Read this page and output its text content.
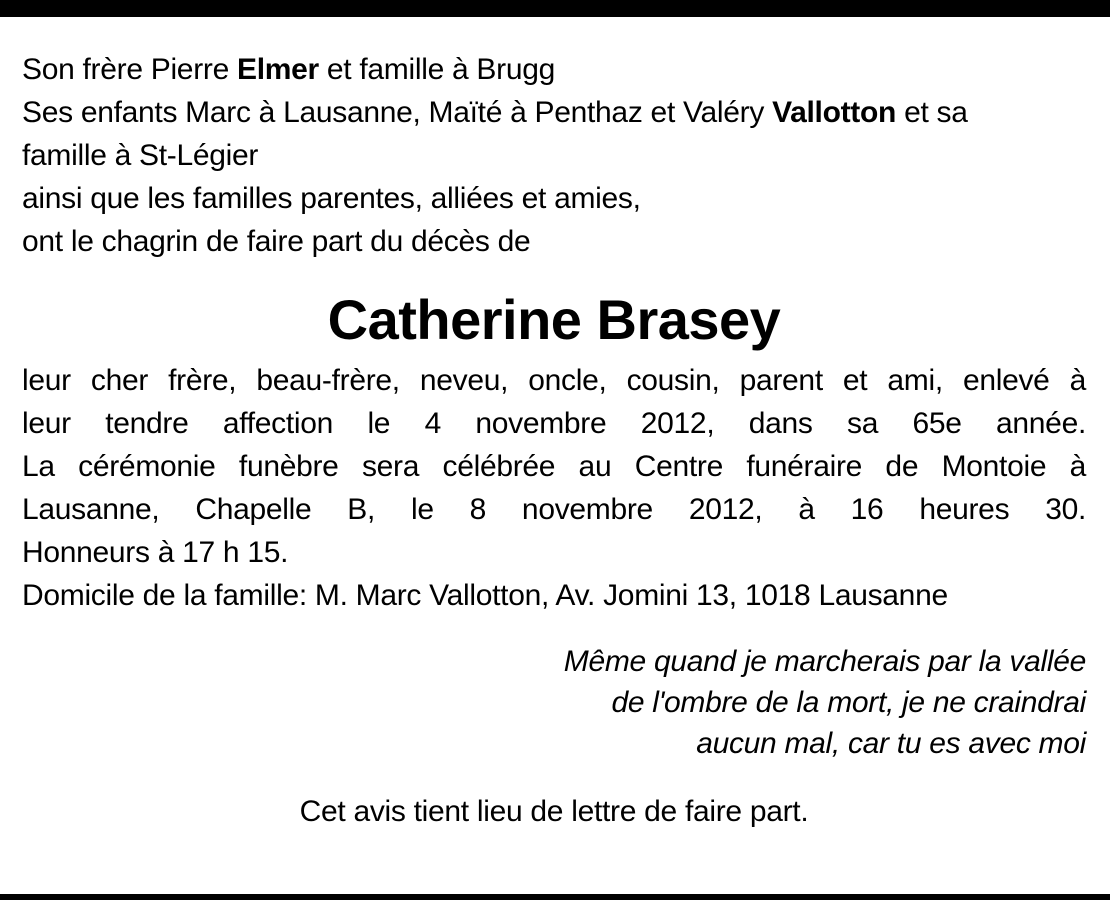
Son frère Pierre Elmer et famille à Brugg
Ses enfants Marc à Lausanne, Maïté à Penthaz et Valéry Vallotton et sa
famille à St-Légier
ainsi que les familles parentes, alliées et amies,
ont le chagrin de faire part du décès de
Catherine Brasey
leur cher frère, beau-frère, neveu, oncle, cousin, parent et ami, enlevé à
leur tendre affection le 4 novembre 2012, dans sa 65e année.
La cérémonie funèbre sera célébrée au Centre funéraire de Montoie à
Lausanne, Chapelle B, le 8 novembre 2012, à 16 heures 30.
Honneurs à 17 h 15.
Domicile de la famille: M. Marc Vallotton, Av. Jomini 13, 1018 Lausanne
Même quand je marcherais par la vallée
de l'ombre de la mort, je ne craindrai
aucun mal, car tu es avec moi
Cet avis tient lieu de lettre de faire part.
